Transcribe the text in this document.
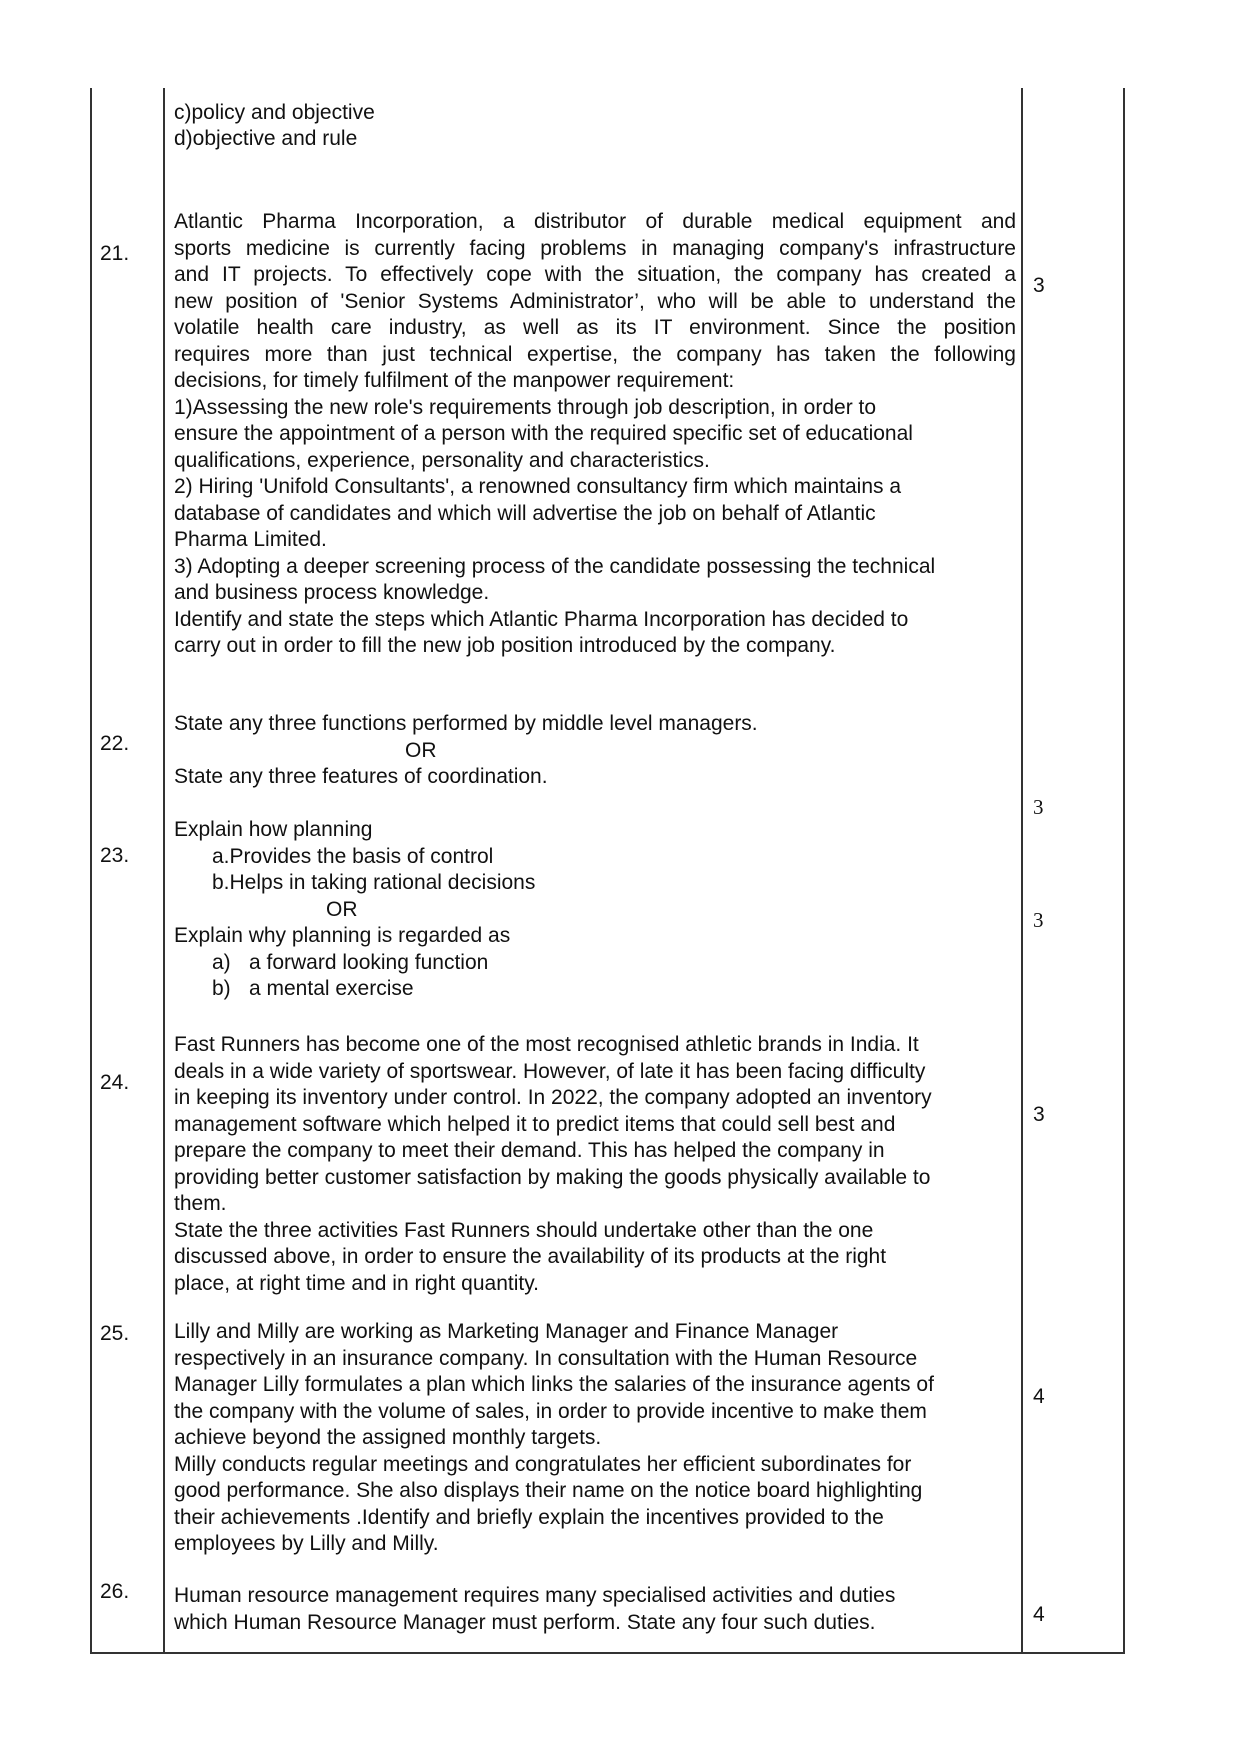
c)policy and objective
d)objective and rule
21.
3
Atlantic Pharma Incorporation, a distributor of durable medical equipment and
sports medicine is currently facing problems in managing company's infrastructure
and IT projects. To effectively cope with the situation, the company has created a
new position of 'Senior Systems Administrator’, who will be able to understand the
volatile health care industry, as well as its IT environment. Since the position
requires more than just technical expertise, the company has taken the following
decisions, for timely fulfilment of the manpower requirement:
1)Assessing the new role's requirements through job description, in order to
ensure the appointment of a person with the required specific set of educational
qualifications, experience, personality and characteristics.
2) Hiring 'Unifold Consultants', a renowned consultancy firm which maintains a
database of candidates and which will advertise the job on behalf of Atlantic
Pharma Limited.
3) Adopting a deeper screening process of the candidate possessing the technical
and business process knowledge.
Identify and state the steps which Atlantic Pharma Incorporation has decided to
carry out in order to fill the new job position introduced by the company.
22.
3
State any three functions performed by middle level managers.
OR
State any three features of coordination.
23.
3
Explain how planning
a.Provides the basis of control
b.Helps in taking rational decisions
OR
Explain why planning is regarded as
a) a forward looking function
b) a mental exercise
24.
3
Fast Runners has become one of the most recognised athletic brands in India. It
deals in a wide variety of sportswear. However, of late it has been facing difficulty
in keeping its inventory under control. In 2022, the company adopted an inventory
management software which helped it to predict items that could sell best and
prepare the company to meet their demand. This has helped the company in
providing better customer satisfaction by making the goods physically available to
them.
State the three activities Fast Runners should undertake other than the one
discussed above, in order to ensure the availability of its products at the right
place, at right time and in right quantity.
25.
4
Lilly and Milly are working as Marketing Manager and Finance Manager
respectively in an insurance company. In consultation with the Human Resource
Manager Lilly formulates a plan which links the salaries of the insurance agents of
the company with the volume of sales, in order to provide incentive to make them
achieve beyond the assigned monthly targets.
Milly conducts regular meetings and congratulates her efficient subordinates for
good performance. She also displays their name on the notice board highlighting
their achievements .Identify and briefly explain the incentives provided to the
employees by Lilly and Milly.
26.
4
Human resource management requires many specialised activities and duties
which Human Resource Manager must perform. State any four such duties.
